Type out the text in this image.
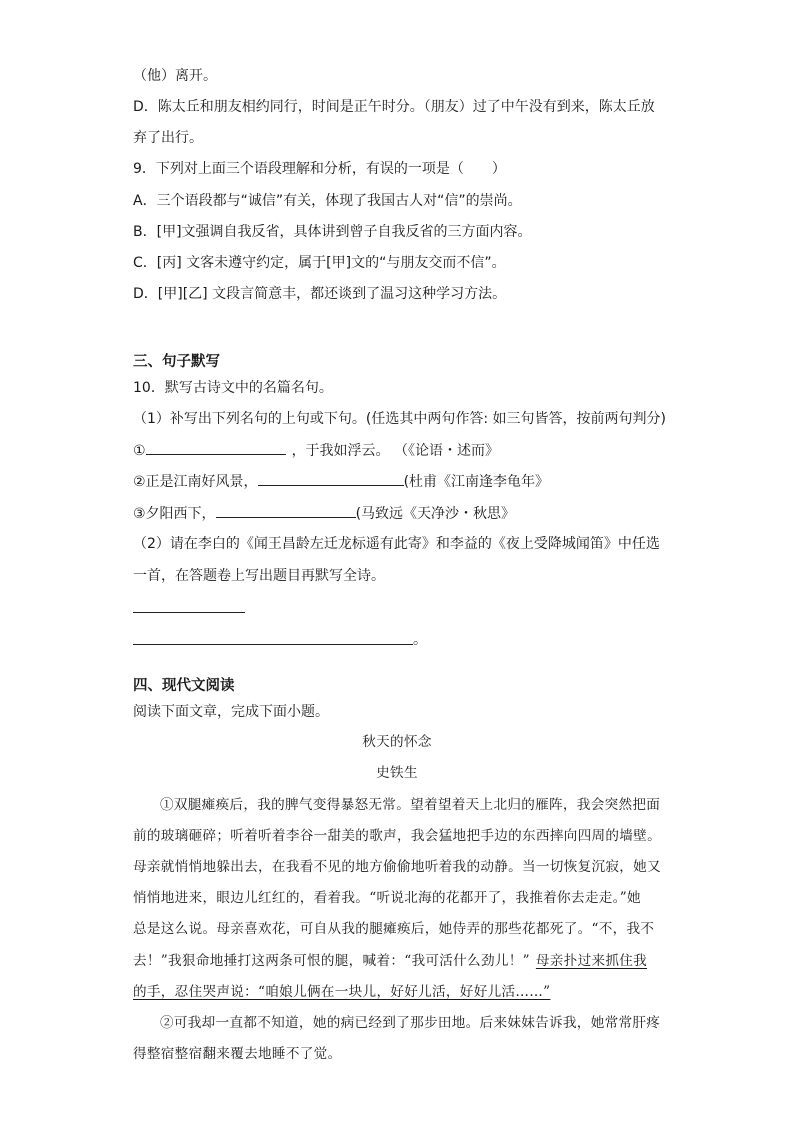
（他）离开。
D．陈太丘和朋友相约同行，时间是正午时分。（朋友）过了中午没有到来，陈太丘放
弃了出行。
9．下列对上面三个语段理解和分析，有误的一项是（　　）
A．三个语段都与“诚信”有关，体现了我国古人对“信”的崇尚。
B．[甲]文强调自我反省，具体讲到曾子自我反省的三方面内容。
C．[丙] 文客未遵守约定，属于[甲]文的“与朋友交而不信”。
D．[甲][乙] 文段言简意丰，都还谈到了温习这种学习方法。
三、句子默写
10．默写古诗文中的名篇名句。
（1）补写出下列名句的上句或下句。(任选其中两句作答: 如三句皆答，按前两句判分)
①	，于我如浮云。 （《论语・述而》
②正是江南好风景，	(杜甫《江南逢李龟年》
③夕阳西下，	(马致远《天净沙・秋思》
（2）请在李白的《闻王昌龄左迁龙标遥有此寄》和李益的《夜上受降城闻笛》中任选
一首，在答题卷上写出题目再默写全诗。
。
四、现代文阅读
阅读下面文章，完成下面小题。
秋天的怀念
史铁生
①双腿瘫痪后，我的脾气变得暴怒无常。望着望着天上北归的雁阵，我会突然把面
前的玻璃砸碎；听着听着李谷一甜美的歌声，我会猛地把手边的东西摔向四周的墙壁。
母亲就悄悄地躲出去，在我看不见的地方偷偷地听着我的动静。当一切恢复沉寂，她又
悄悄地进来，眼边儿红红的，看着我。“听说北海的花都开了，我推着你去走走。”她
总是这么说。母亲喜欢花，可自从我的腿瘫痪后，她侍弄的那些花都死了。“不，我不
去！”我狠命地捶打这两条可恨的腿，喊着：“我可活什么劲儿！” 母亲扑过来抓住我
的手，忍住哭声说：“咱娘儿俩在一块儿，好好儿活，好好儿活……”
②可我却一直都不知道，她的病已经到了那步田地。后来妹妹告诉我，她常常肝疼
得整宿整宿翻来覆去地睡不了觉。
